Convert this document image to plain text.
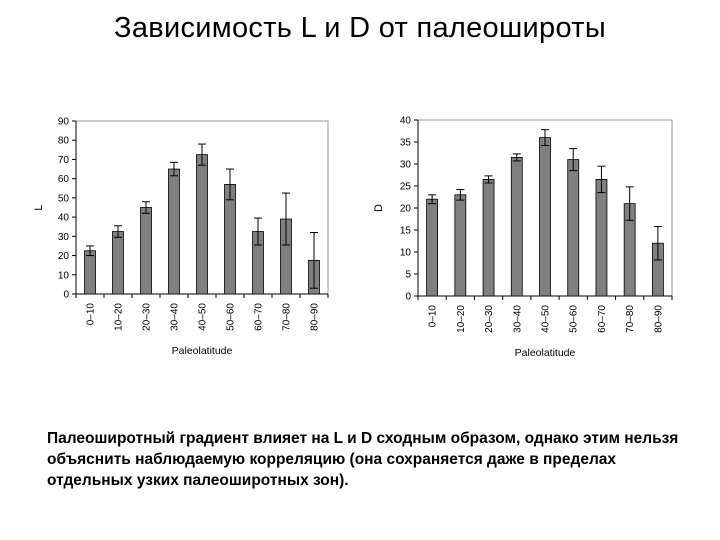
Зависимость L и D от палеошироты
0
10
20
30
40
50
60
70
80
90
0–10 10–20 20–30 30–40 40–50 50–60 60–70 70–80 80–90
L
Paleolatitude
0
5
10
15
20
25
30
35
40
0–10 10–20 20–30 30–40 40–50 50–60 60–70 70–80 80–90
D
Paleolatitude
Палеоширотный градиент влияет на L и D сходным образом, однако этим нельзя объяснить наблюдаемую корреляцию (она сохраняется даже в пределах отдельных узких палеоширотных зон).
